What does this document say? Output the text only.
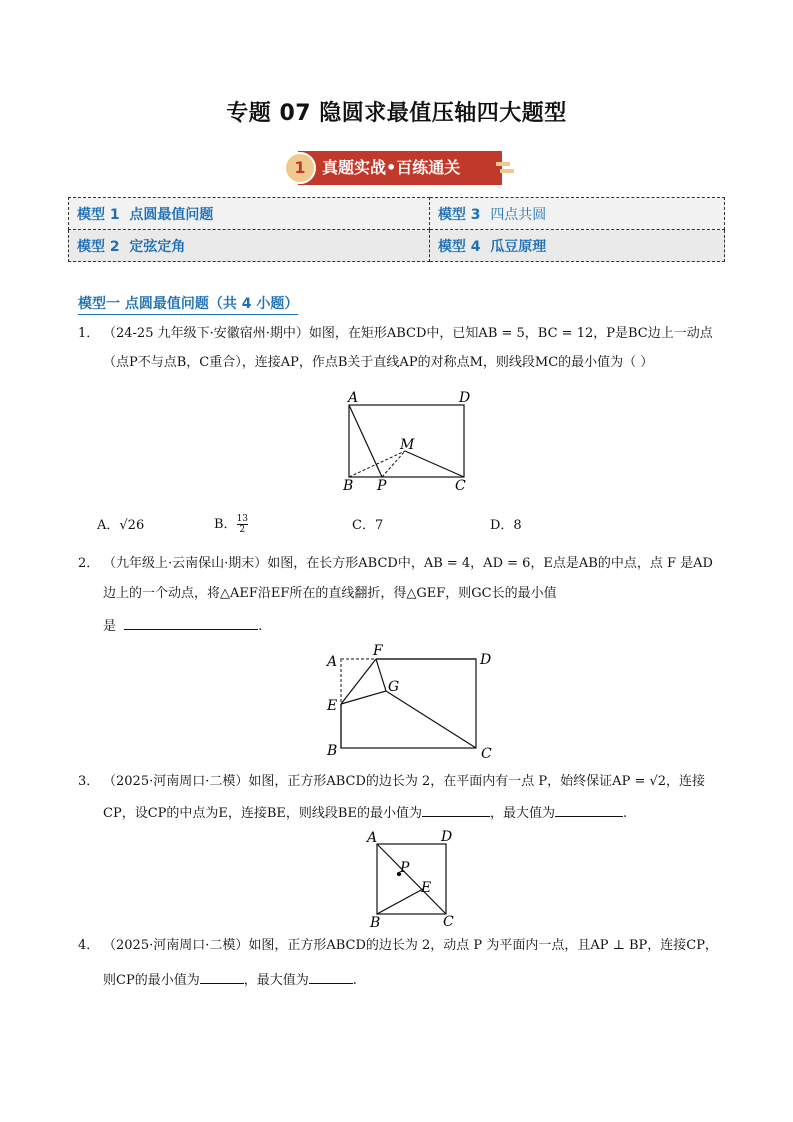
专题 07 隐圆求最值压轴四大题型
1	真题实战•百练通关
模型 1 点圆最值问题	模型 3 四点共圆
模型 2 定弦定角	模型 4 瓜豆原理
模型一 点圆最值问题（共 4 小题）
1． （24-25 九年级下·安徽宿州·期中）如图，在矩形ABCD中，已知AB = 5，BC = 12，P是BC边上一动点
（点P不与点B，C重合），连接AP，作点B关于直线AP的对称点M，则线段MC的最小值为（ ）
A	D
B P	C
M
A．√26	B． $\frac{13}{2}$	C．7	D．8
2． （九年级上·云南保山·期末）如图，在长方形ABCD中，AB = 4，AD = 6，E点是AB的中点，点 F 是AD
边上的一个动点，将△AEF沿EF所在的直线翻折，得△GEF，则GC长的最小值
是	.
A
F
D
G
E
B	C
3． （2025·河南周口·二模）如图，正方形ABCD的边长为 2，在平面内有一点 P，始终保证AP = √2，连接
CP，设CP的中点为E，连接BE，则线段BE的最小值为	，最大值为	.
A	D
P
E
B	C
4． （2025·河南周口·二模）如图，正方形ABCD的边长为 2，动点 P 为平面内一点，且AP ⊥ BP，连接CP，
则CP的最小值为	，最大值为	.
